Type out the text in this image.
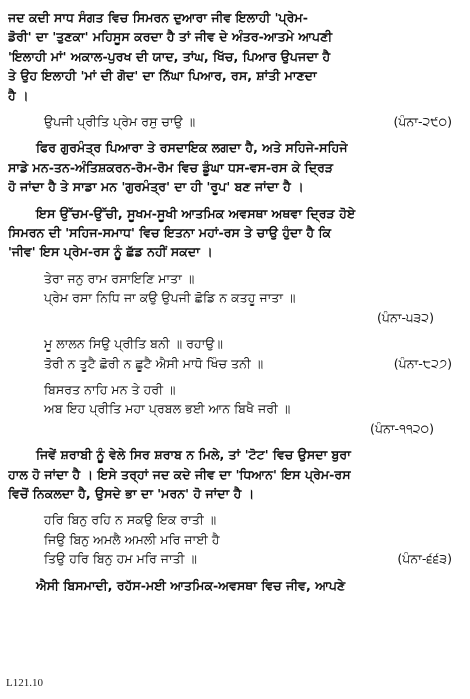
ਜਦ ਕਦੀ ਸਾਧ ਸੰਗਤ ਵਿਚ ਸਿਮਰਨ ਦੁਆਰਾ ਜੀਵ ਇਲਾਹੀ 'ਪ੍ਰੇਮ-
ਡੋਰੀ' ਦਾ 'ਤੁਣਕਾ' ਮਹਿਸੂਸ ਕਰਦਾ ਹੈ ਤਾਂ ਜੀਵ ਦੇ ਅੰਤਰ-ਆਤਮੇ ਆਪਣੀ
'ਇਲਾਹੀ ਮਾਂ' ਅਕਾਲ-ਪੁਰਖ ਦੀ ਯਾਦ, ਤਾਂਘ, ਖਿੱਚ, ਪਿਆਰ ਉਪਜਦਾ ਹੈ
ਤੇ ਉਹ ਇਲਾਹੀ 'ਮਾਂ ਦੀ ਗੋਦ' ਦਾ ਨਿੱਘਾ ਪਿਆਰ, ਰਸ, ਸ਼ਾਂਤੀ ਮਾਣਦਾ
ਹੈ ।
ਉਪਜੀ ਪ੍ਰੀਤਿ ਪ੍ਰੇਮ ਰਸੁ ਚਾਉ ॥	(ਪੰਨਾ-੨੯੦)
ਫਿਰ ਗੁਰਮੰਤ੍ਰ ਪਿਆਰਾ ਤੇ ਰਸਦਾਇਕ ਲਗਦਾ ਹੈ, ਅਤੇ ਸਹਿਜੇ-ਸਹਿਜੇ
ਸਾਡੇ ਮਨ-ਤਨ-ਅੰਤਿਸ਼ਕਰਨ-ਰੋਮ-ਰੋਮ ਵਿਚ ਡੂੰਘਾ ਧਸ-ਵਸ-ਰਸ ਕੇ ਦ੍ਰਿੜ
ਹੋ ਜਾਂਦਾ ਹੈ ਤੇ ਸਾਡਾ ਮਨ 'ਗੁਰਮੰਤ੍ਰ' ਦਾ ਹੀ 'ਰੂਪ' ਬਣ ਜਾਂਦਾ ਹੈ ।
ਇਸ ਉੱਚਮ-ਉੱਚੀ, ਸੂਖਮ-ਸੂਖੀ ਆਤਮਿਕ ਅਵਸਥਾ ਅਥਵਾ ਦ੍ਰਿੜ ਹੋਏ
ਸਿਮਰਨ ਦੀ 'ਸਹਿਜ-ਸਮਾਧ' ਵਿਚ ਇਤਨਾ ਮਹਾਂ-ਰਸ ਤੇ ਚਾਉ ਹੁੰਦਾ ਹੈ ਕਿ
'ਜੀਵ' ਇਸ ਪ੍ਰੇਮ-ਰਸ ਨੂੰ ਛੱਡ ਨਹੀਂ ਸਕਦਾ ।
ਤੇਰਾ ਜਨੁ ਰਾਮ ਰਸਾਇਣਿ ਮਾਤਾ ॥
ਪ੍ਰੇਮ ਰਸਾ ਨਿਧਿ ਜਾ ਕਉ ਉਪਜੀ ਛੋਡਿ ਨ ਕਤਹੂ ਜਾਤਾ ॥
(ਪੰਨਾ-੫੩੨)
ਮੂ ਲਾਲਨ ਸਿਉ ਪ੍ਰੀਤਿ ਬਨੀ ॥ ਰਹਾਉ॥
ਤੋਰੀ ਨ ਤੂਟੈ ਛੋਰੀ ਨ ਛੂਟੈ ਐਸੀ ਮਾਧੋ ਖਿੰਚ ਤਨੀ ॥	(ਪੰਨਾ-੮੨੭)
ਬਿਸਰਤ ਨਾਹਿ ਮਨ ਤੇ ਹਰੀ ॥
ਅਬ ਇਹ ਪ੍ਰੀਤਿ ਮਹਾ ਪ੍ਰਬਲ ਭਈ ਆਨ ਬਿਖੈ ਜਰੀ ॥
(ਪੰਨਾ-੧੧੨੦)
ਜਿਵੇਂ ਸ਼ਰਾਬੀ ਨੂੰ ਵੇਲੇ ਸਿਰ ਸ਼ਰਾਬ ਨ ਮਿਲੇ, ਤਾਂ 'ਟੋਟ' ਵਿਚ ਉਸਦਾ ਬੁਰਾ
ਹਾਲ ਹੋ ਜਾਂਦਾ ਹੈ । ਇਸੇ ਤਰ੍ਹਾਂ ਜਦ ਕਦੇ ਜੀਵ ਦਾ 'ਧਿਆਨ' ਇਸ ਪ੍ਰੇਮ-ਰਸ
ਵਿਚੋਂ ਨਿਕਲਦਾ ਹੈ, ਉਸਦੇ ਭਾ ਦਾ 'ਮਰਨ' ਹੋ ਜਾਂਦਾ ਹੈ ।
ਹਰਿ ਬਿਨੁ ਰਹਿ ਨ ਸਕਉ ਇਕ ਰਾਤੀ ॥
ਜਿਉ ਬਿਨੁ ਅਮਲੈ ਅਮਲੀ ਮਰਿ ਜਾਈ ਹੈ
ਤਿਉ ਹਰਿ ਬਿਨੁ ਹਮ ਮਰਿ ਜਾਤੀ ॥	(ਪੰਨਾ-੬੬੩)
ਐਸੀ ਬਿਸਮਾਦੀ, ਰਹੱਸ-ਮਈ ਆਤਮਿਕ-ਅਵਸਥਾ ਵਿਚ ਜੀਵ, ਆਪਣੇ
L121.10
